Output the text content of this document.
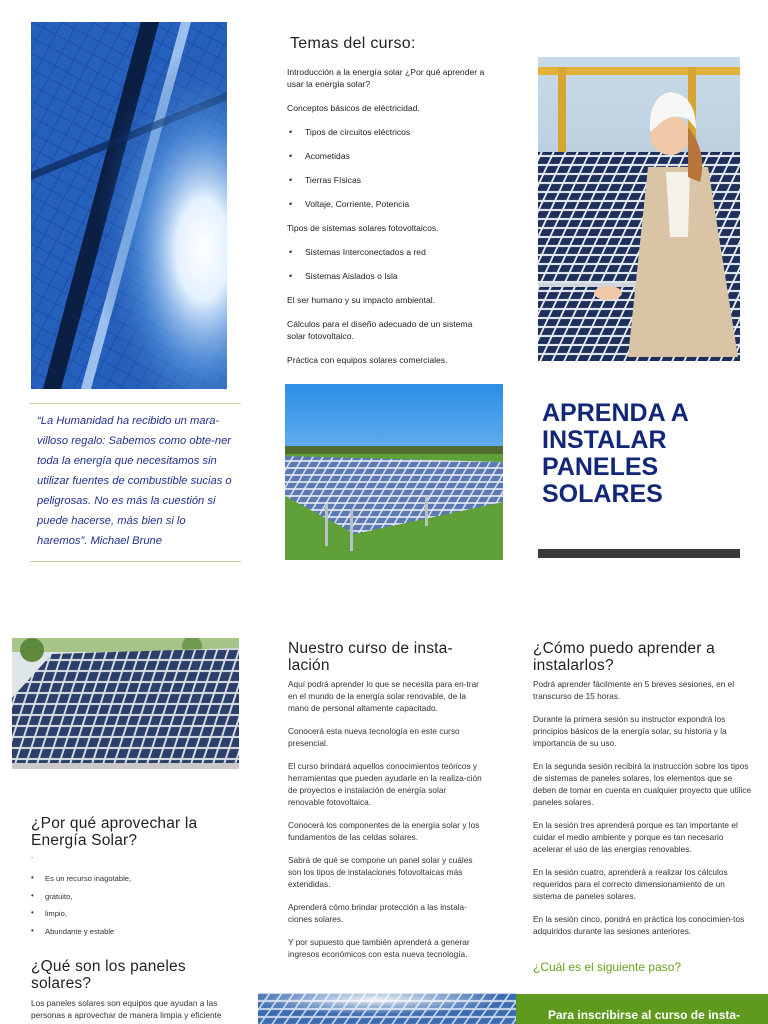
Temas del curso:

Introducción a la energía solar ¿Por qué aprender a usar la energía solar?

Conceptos básicos de eléctricidad.

• Tipos de circuitos eléctricos
• Acometidas
• Tierras Físicas
• Voltaje, Corriente, Potencia

Tipos de sistemas solares fotovoltaicos.

• Sistemas Interconectados a red
• Sistemas Aislados o Isla

El ser humano y su impacto ambiental.

Cálculos para el diseño adecuado de un sistema solar fotovoltaico.

Práctica con equipos solares comerciales.

“La Humanidad ha recibido un mara-villoso regalo: Sabemos como obte-ner toda la energía que necesitamos sin utilizar fuentes de combustible sucias o peligrosas. No es más la cuestión si puede hacerse, más bien si lo haremos”. Michael Brune
APRENDA A
INSTALAR
PANELES
SOLARES
Nuestro curso de insta-lación

Aquí podrá aprender lo que se necesita para en-trar en el mundo de la energía solar renovable, de la mano de personal altamente capacitado.

Conocerá esta nueva tecnología en este curso presencial.

El curso brindará aquellos conocimientos teóricos y herramientas que pueden ayudarle en la realiza-ción de proyectos e instalación de energía solar renovable fotovoltaica.

Conocerá los componentes de la energía solar y los fundamentos de las celdas solares.

Sabrá de qué se compone un panel solar y cuáles son los tipos de instalaciones fotovoltaicas más extendidas.

Aprenderá cómo brindar protección a las instala-ciones solares.

Y por supuesto que también aprenderá a generar ingresos económicos con esta nueva tecnología.

¿Cómo puedo aprender a instalarlos?

Podrá aprender fácilmente en 5 breves sesiones, en el transcurso de 15 horas.

Durante la primera sesión su instructor expondrá los principios básicos de la energía solar, su historia y la importancia de su uso.

En la segunda sesión recibirá la instrucción sobre los tipos de sistemas de paneles solares, los elementos que se deben de tomar en cuenta en cualquier proyecto que utilice paneles solares.

En la sesión tres aprenderá porque es tan importante el cuidar el medio ambiente y porque es tan necesario acelerar el uso de las energías renovables.

En la sesión cuatro, aprenderá a realizar los cálculos requeridos para el correcto dimensionamiento de un sistema de paneles solares.

En la sesión cinco, pondrá en práctica los conocimien-tos adquiridos durante las sesiones anteriores.

¿Cuál es el siguiente paso?
¿Por qué aprovechar la Energía Solar?
-
• Es un recurso inagotable,
• gratuito,
• limpio,
• Abundante y estable
¿Qué son los paneles solares?
Los paneles solares son equipos que ayudan a las personas a aprovechar de manera limpia y eficiente	Para inscribirse al curso de insta-
